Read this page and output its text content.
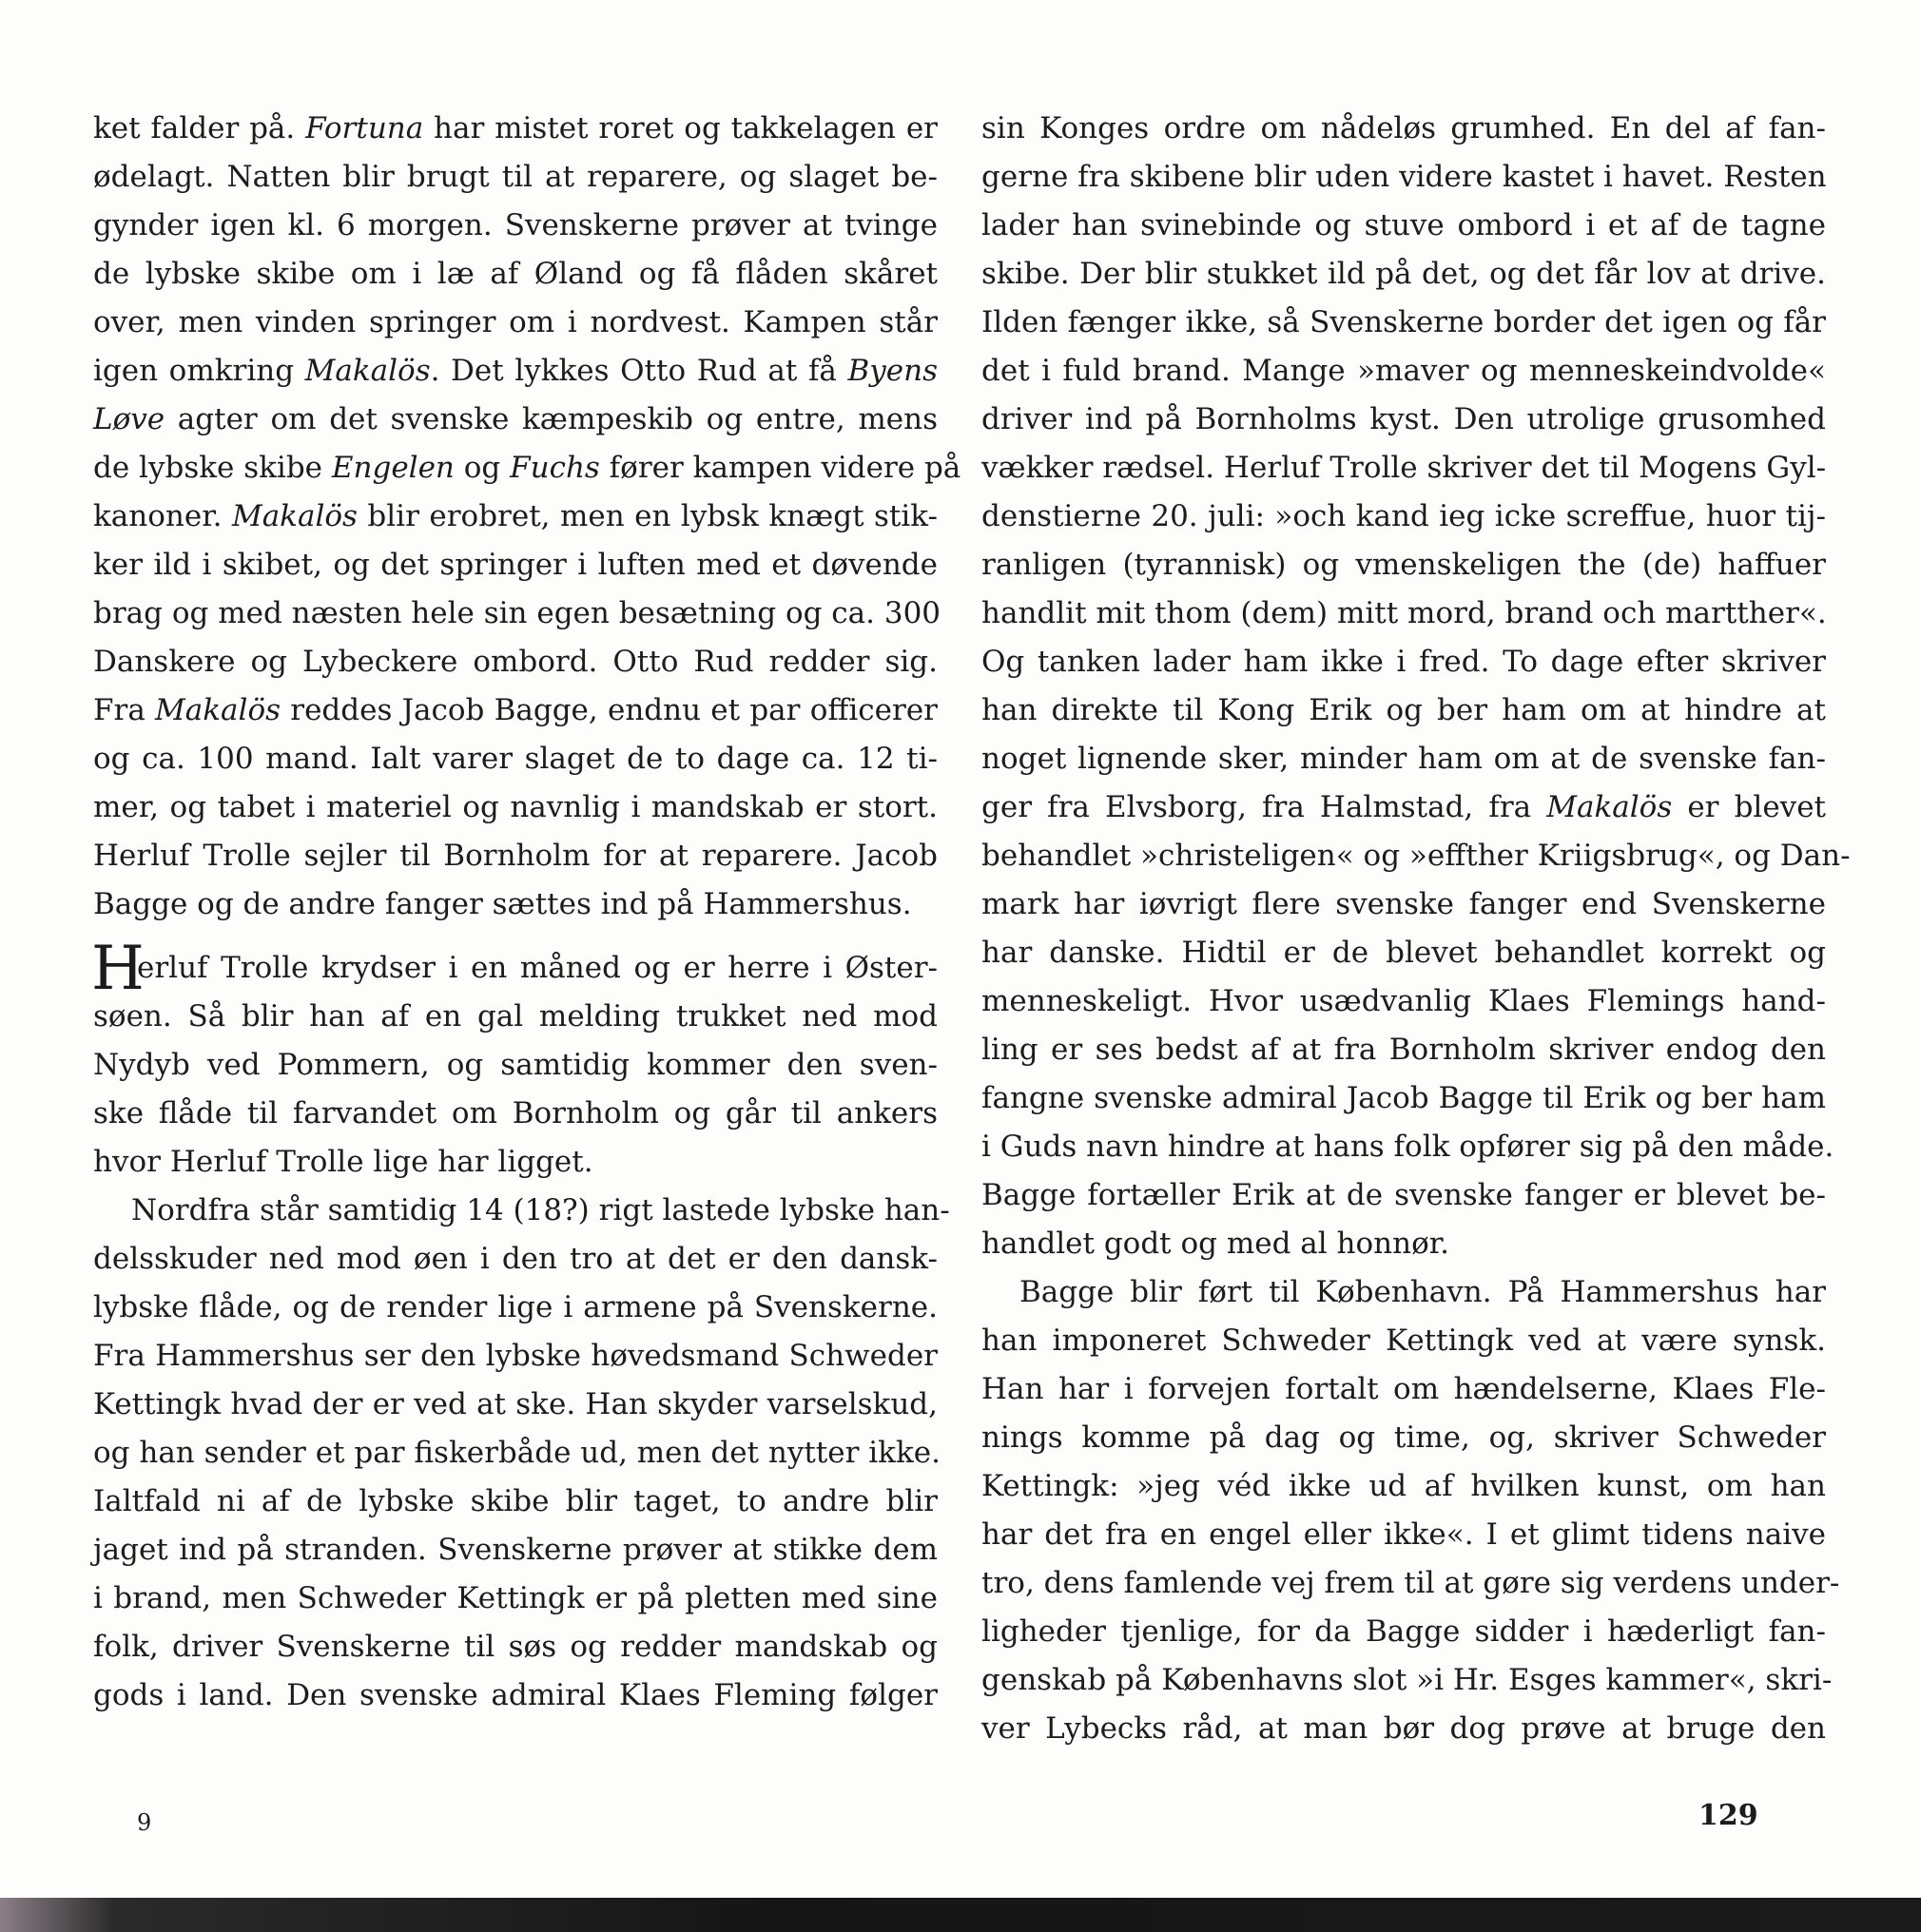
ket falder på. Fortuna har mistet roret og takkelagen er
ødelagt. Natten blir brugt til at reparere, og slaget be-
gynder igen kl. 6 morgen. Svenskerne prøver at tvinge
de lybske skibe om i læ af Øland og få flåden skåret
over, men vinden springer om i nordvest. Kampen står
igen omkring Makalös. Det lykkes Otto Rud at få Byens
Løve agter om det svenske kæmpeskib og entre, mens
de lybske skibe Engelen og Fuchs fører kampen videre på
kanoner. Makalös blir erobret, men en lybsk knægt stik-
ker ild i skibet, og det springer i luften med et døvende
brag og med næsten hele sin egen besætning og ca. 300
Danskere og Lybeckere ombord. Otto Rud redder sig.
Fra Makalös reddes Jacob Bagge, endnu et par officerer
og ca. 100 mand. Ialt varer slaget de to dage ca. 12 ti-
mer, og tabet i materiel og navnlig i mandskab er stort.
Herluf Trolle sejler til Bornholm for at reparere. Jacob
Bagge og de andre fanger sættes ind på Hammershus.
H
erluf Trolle krydser i en måned og er herre i Øster-
søen. Så blir han af en gal melding trukket ned mod
Nydyb ved Pommern, og samtidig kommer den sven-
ske flåde til farvandet om Bornholm og går til ankers
hvor Herluf Trolle lige har ligget.
Nordfra står samtidig 14 (18?) rigt lastede lybske han-
delsskuder ned mod øen i den tro at det er den dansk-
lybske flåde, og de render lige i armene på Svenskerne.
Fra Hammershus ser den lybske høvedsmand Schweder
Kettingk hvad der er ved at ske. Han skyder varselskud,
og han sender et par fiskerbåde ud, men det nytter ikke.
Ialtfald ni af de lybske skibe blir taget, to andre blir
jaget ind på stranden. Svenskerne prøver at stikke dem
i brand, men Schweder Kettingk er på pletten med sine
folk, driver Svenskerne til søs og redder mandskab og
gods i land. Den svenske admiral Klaes Fleming følger
sin Konges ordre om nådeløs grumhed. En del af fan-
gerne fra skibene blir uden videre kastet i havet. Resten
lader han svinebinde og stuve ombord i et af de tagne
skibe. Der blir stukket ild på det, og det får lov at drive.
Ilden fænger ikke, så Svenskerne border det igen og får
det i fuld brand. Mange »maver og menneskeindvolde«
driver ind på Bornholms kyst. Den utrolige grusomhed
vækker rædsel. Herluf Trolle skriver det til Mogens Gyl-
denstierne 20. juli: »och kand ieg icke screffue, huor tij-
ranligen (tyrannisk) og vmenskeligen the (de) haffuer
handlit mit thom (dem) mitt mord, brand och martther«.
Og tanken lader ham ikke i fred. To dage efter skriver
han direkte til Kong Erik og ber ham om at hindre at
noget lignende sker, minder ham om at de svenske fan-
ger fra Elvsborg, fra Halmstad, fra Makalös er blevet
behandlet »christeligen« og »effther Kriigsbrug«, og Dan-
mark har iøvrigt flere svenske fanger end Svenskerne
har danske. Hidtil er de blevet behandlet korrekt og
menneskeligt. Hvor usædvanlig Klaes Flemings hand-
ling er ses bedst af at fra Bornholm skriver endog den
fangne svenske admiral Jacob Bagge til Erik og ber ham
i Guds navn hindre at hans folk opfører sig på den måde.
Bagge fortæller Erik at de svenske fanger er blevet be-
handlet godt og med al honnør.
Bagge blir ført til København. På Hammershus har
han imponeret Schweder Kettingk ved at være synsk.
Han har i forvejen fortalt om hændelserne, Klaes Fle-
nings komme på dag og time, og, skriver Schweder
Kettingk: »jeg véd ikke ud af hvilken kunst, om han
har det fra en engel eller ikke«. I et glimt tidens naive
tro, dens famlende vej frem til at gøre sig verdens under-
ligheder tjenlige, for da Bagge sidder i hæderligt fan-
genskab på Københavns slot »i Hr. Esges kammer«, skri-
ver Lybecks råd, at man bør dog prøve at bruge den
9	129
